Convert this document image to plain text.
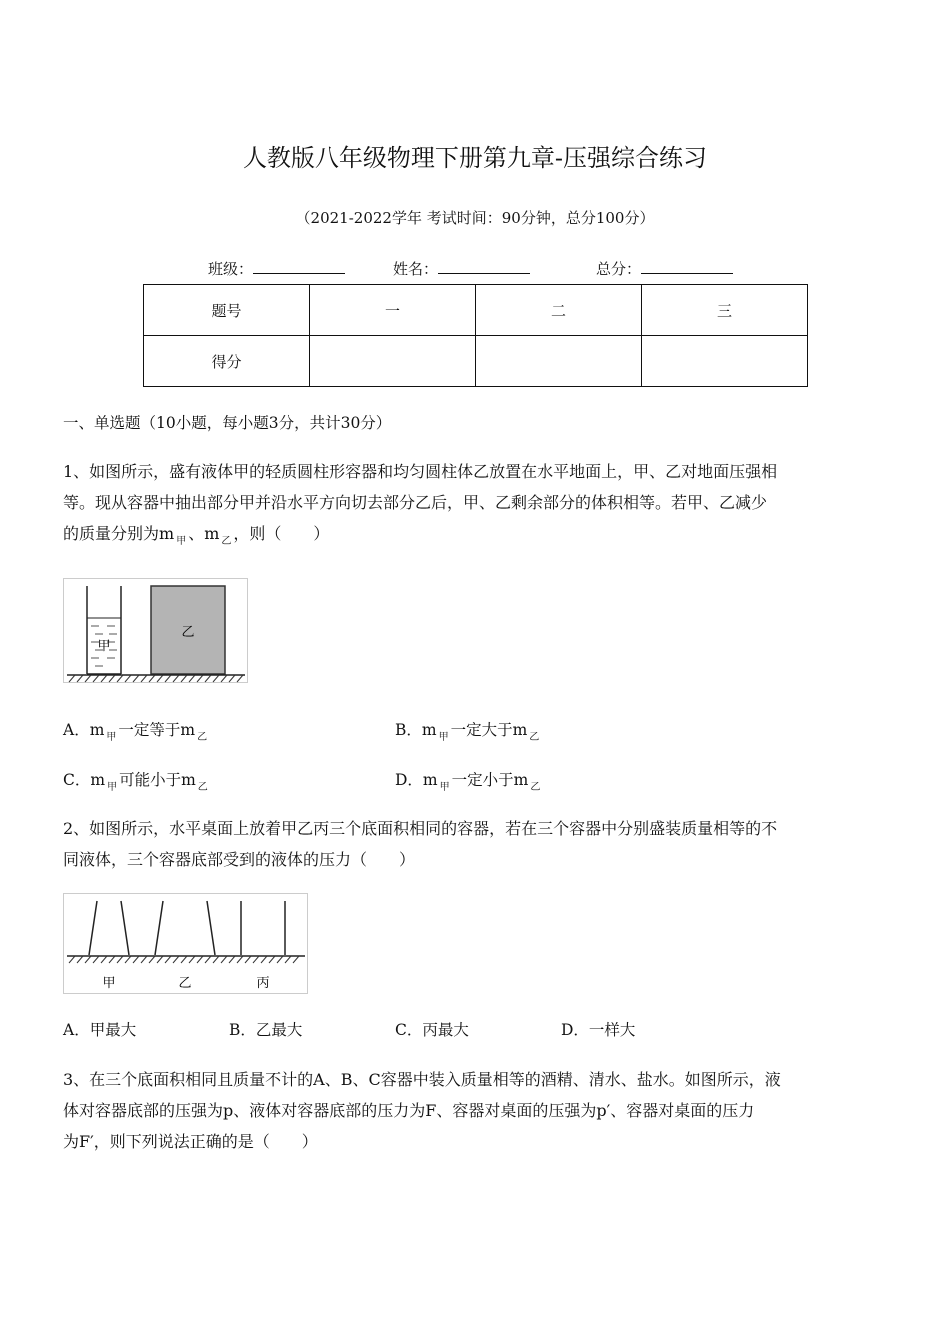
人教版八年级物理下册第九章-压强综合练习
（2021-2022学年 考试时间：90分钟，总分100分）
班级：	姓名：	总分：
题号	一	二	三
得分			
一、单选题（10小题，每小题3分，共计30分）
1、如图所示，盛有液体甲的轻质圆柱形容器和均匀圆柱体乙放置在水平地面上，甲、乙对地面压强相
等。现从容器中抽出部分甲并沿水平方向切去部分乙后，甲、乙剩余部分的体积相等。若甲、乙减少
的质量分别为m $_甲$ 、m $_乙$ ，则（　　）
甲
乙
A．m $_甲$ 一定等于m $_乙$	B．m $_甲$ 一定大于m $_乙$
C．m $_甲$ 可能小于m $_乙$	D．m $_甲$ 一定小于m $_乙$
2、如图所示，水平桌面上放着甲乙丙三个底面积相同的容器，若在三个容器中分别盛装质量相等的不
同液体，三个容器底部受到的液体的压力（　　）
甲	乙	丙
A．甲最大	B．乙最大	C．丙最大	D．一样大
3、在三个底面积相同且质量不计的A、B、C容器中装入质量相等的酒精、清水、盐水。如图所示，液
体对容器底部的压强为p、液体对容器底部的压力为F、容器对桌面的压强为p′、容器对桌面的压力
为F′，则下列说法正确的是（　　）
